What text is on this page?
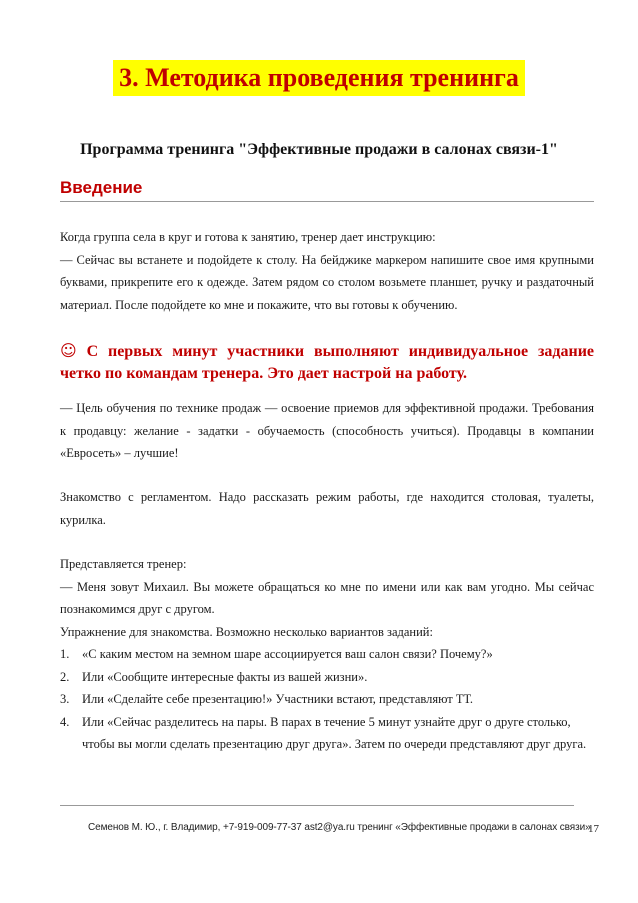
3. Методика проведения тренинга
Программа тренинга "Эффективные продажи в салонах связи-1"
Введение

Когда группа села в круг и готова к занятию, тренер дает инструкцию:

— Сейчас вы встанете и подойдете к столу. На бейджике маркером напишите свое имя крупными буквами, прикрепите его к одежде. Затем рядом со столом возьмете планшет, ручку и раздаточный материал. После подойдете ко мне и покажите, что вы готовы к обучению.

☺ С первых минут участники выполняют индивидуальное задание четко по командам тренера. Это дает настрой на работу.

— Цель обучения по технике продаж — освоение приемов для эффективной продажи. Требования к продавцу: желание - задатки - обучаемость (способность учиться). Продавцы в компании «Евросеть» – лучшие!

Знакомство с регламентом. Надо рассказать режим работы, где находится столовая, туалеты, курилка.

Представляется тренер:

— Меня зовут Михаил. Вы можете обращаться ко мне по имени или как вам угодно. Мы сейчас познакомимся друг с другом.

Упражнение для знакомства. Возможно несколько вариантов заданий:

1.	«С каким местом на земном шаре ассоциируется ваш салон связи? Почему?»
2.	Или «Сообщите интересные факты из вашей жизни».
3.	Или «Сделайте себе презентацию!» Участники встают, представляют ТТ.
4.	Или «Сейчас разделитесь на пары. В парах в течение 5 минут узнайте друг о друге столько, чтобы вы могли сделать презентацию друг друга». Затем по очереди представляют друг друга.
Семенов М. Ю., г. Владимир, +7-919-009-77-37 ast2@ya.ru тренинг «Эффективные продажи в салонах связи»
17
